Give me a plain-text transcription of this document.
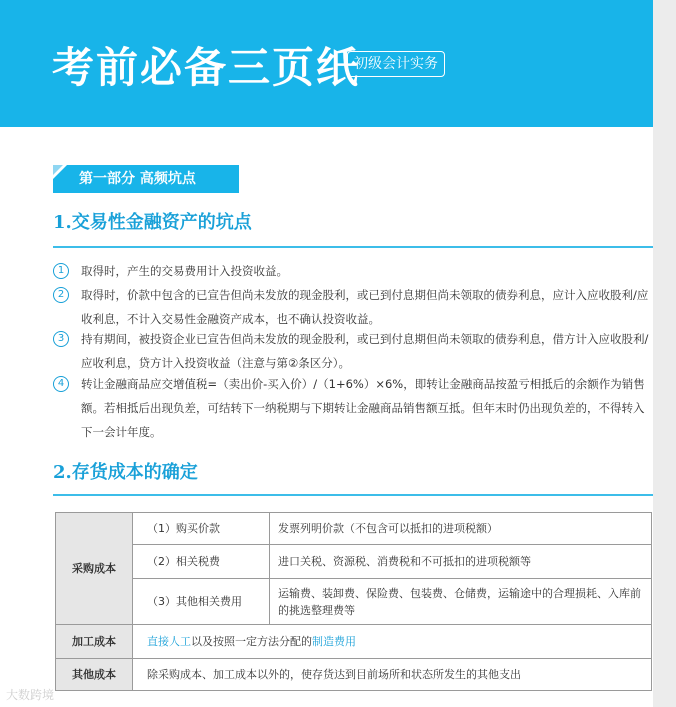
考前必备三页纸
初级会计实务
第一部分 高频坑点
1.交易性金融资产的坑点
1	取得时，产生的交易费用计入投资收益。
2	取得时，价款中包含的已宣告但尚未发放的现金股利，或已到付息期但尚未领取的债券利息，应计入应收股利/应收利息，不计入交易性金融资产成本，也不确认投资收益。
3	持有期间，被投资企业已宣告但尚未发放的现金股利，或已到付息期但尚未领取的债券利息，借方计入应收股利/应收利息，贷方计入投资收益（注意与第②条区分）。
4	转让金融商品应交增值税=（卖出价-买入价）/（1+6%）×6%，即转让金融商品按盈亏相抵后的余额作为销售额。若相抵后出现负差，可结转下一纳税期与下期转让金融商品销售额互抵。但年末时仍出现负差的，不得转入下一会计年度。
2.存货成本的确定
采购成本	（1）购买价款	发票列明价款（不包含可以抵扣的进项税额）
	（2）相关税费	进口关税、资源税、消费税和不可抵扣的进项税额等
	（3）其他相关费用	运输费、装卸费、保险费、包装费、仓储费，运输途中的合理损耗、入库前的挑选整理费等
加工成本	直接人工以及按照一定方法分配的制造费用	
其他成本	除采购成本、加工成本以外的，使存货达到目前场所和状态所发生的其他支出	
大数跨境
